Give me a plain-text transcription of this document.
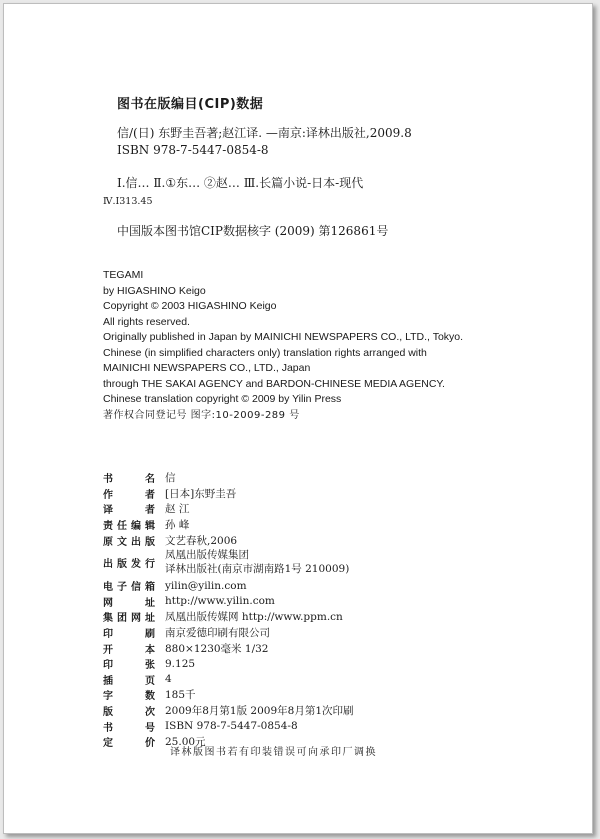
图书在版编目(CIP)数据
信/(日) 东野圭吾著;赵江译. —南京:译林出版社,2009.8
ISBN 978-7-5447-0854-8
Ⅰ.信… Ⅱ.①东… ②赵… Ⅲ.长篇小说-日本-现代
Ⅳ.I313.45
中国版本图书馆CIP数据核字 (2009) 第126861号
TEGAMI
by HIGASHINO Keigo
Copyright © 2003 HIGASHINO Keigo
All rights reserved.
Originally published in Japan by MAINICHI NEWSPAPERS CO., LTD., Tokyo.
Chinese (in simplified characters only) translation rights arranged with
MAINICHI NEWSPAPERS CO., LTD., Japan
through THE SAKAI AGENCY and BARDON-CHINESE MEDIA AGENCY.
Chinese translation copyright © 2009 by Yilin Press
著作权合同登记号 图字:10-2009-289 号
书	名 信
作	者 [日本]东野圭吾
译	者 赵 江
责 任 编 辑 孙 峰
原 文 出 版 文艺春秋,2006
出 版 发 行
凤凰出版传媒集团
译林出版社(南京市湖南路1号 210009)
电 子 信 箱 yilin@yilin.com
网	址 http://www.yilin.com
集 团 网 址 凤凰出版传媒网 http://www.ppm.cn
印	刷 南京爱德印刷有限公司
开	本 880×1230毫米 1/32
印	张 9.125
插	页 4
字	数 185千
版	次 2009年8月第1版 2009年8月第1次印刷
书	号 ISBN 978-7-5447-0854-8
定	价 25.00元
译林版图书若有印装错误可向承印厂调换
